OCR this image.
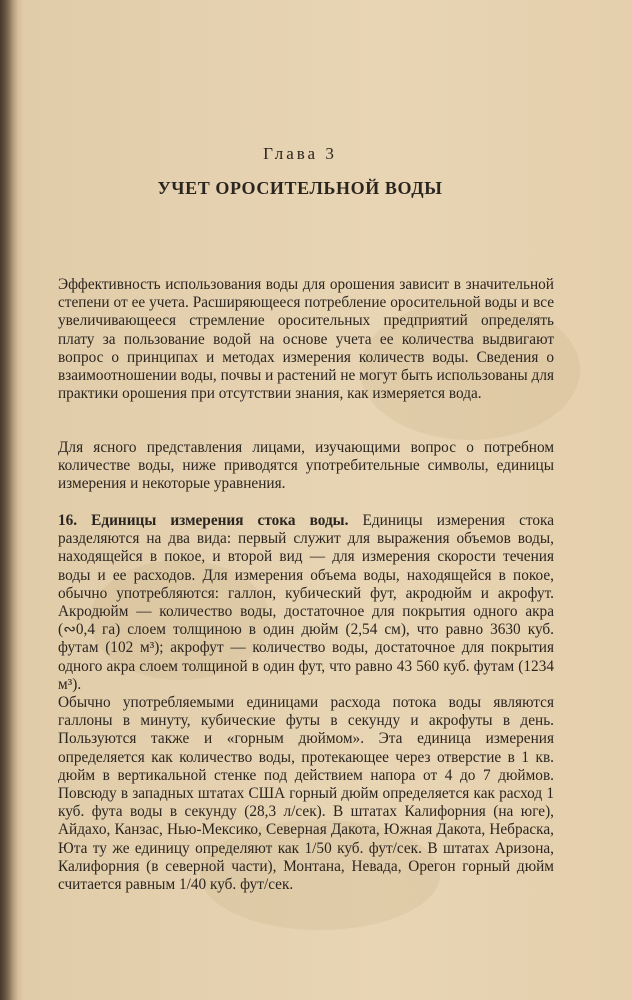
Глава 3
УЧЕТ ОРОСИТЕЛЬНОЙ ВОДЫ

Эффективность использования воды для орошения зависит в значительной степени от ее учета. Расширяющееся потребление оросительной воды и все увеличивающееся стремление оросительных предприятий определять плату за пользование водой на основе учета ее количества выдвигают вопрос о принципах и методах измерения количеств воды. Сведения о взаимоотношении воды, почвы и растений не могут быть использованы для практики орошения при отсутствии знания, как измеряется вода.

Для ясного представления лицами, изучающими вопрос о потребном количестве воды, ниже приводятся употребительные символы, единицы измерения и некоторые уравнения.

16. Единицы измерения стока воды. Единицы измерения стока разделяются на два вида: первый служит для выражения объемов воды, находящейся в покое, и второй вид — для измерения скорости течения воды и ее расходов. Для измерения объема воды, находящейся в покое, обычно употребляются: галлон, кубический фут, акродюйм и акрофут. Акродюйм — количество воды, достаточное для покрытия одного акра (∾0,4 га) слоем толщиною в один дюйм (2,54 см), что равно 3630 куб. футам (102 м³); акрофут — количество воды, достаточное для покрытия одного акра слоем толщиной в один фут, что равно 43 560 куб. футам (1234 м³).

Обычно употребляемыми единицами расхода потока воды являются галлоны в минуту, кубические футы в секунду и акрофуты в день. Пользуются также и «горным дюймом». Эта единица измерения определяется как количество воды, протекающее через отверстие в 1 кв. дюйм в вертикальной стенке под действием напора от 4 до 7 дюймов. Повсюду в западных штатах США горный дюйм определяется как расход 1 куб. фута воды в секунду (28,3 л/сек). В штатах Калифорния (на юге), Айдахо, Канзас, Нью-Мексико, Северная Дакота, Южная Дакота, Небраска, Юта ту же единицу определяют как 1/50 куб. фут/сек. В штатах Аризона, Калифорния (в северной части), Монтана, Невада, Орегон горный дюйм считается равным 1/40 куб. фут/сек.
